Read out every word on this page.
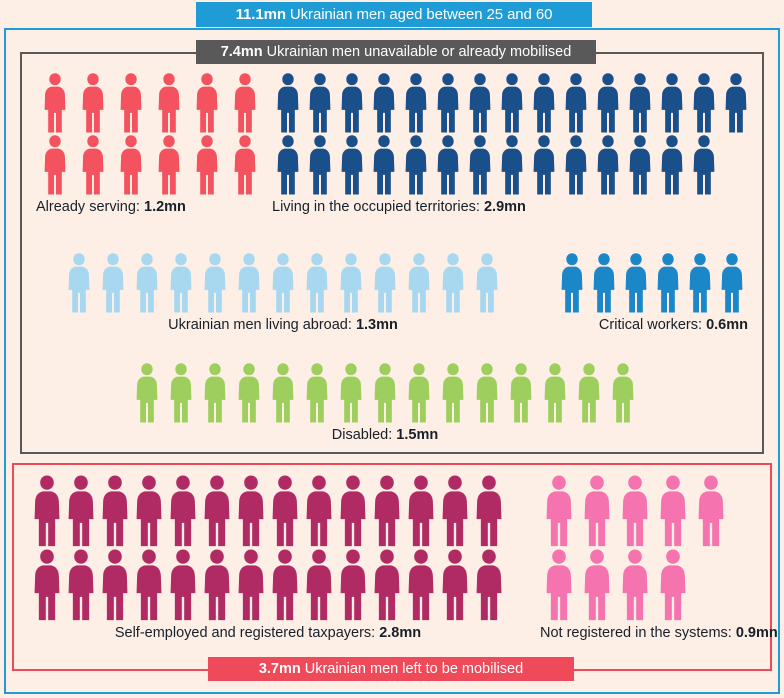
11.1mn Ukrainian men aged between 25 and 60
7.4mn Ukrainian men unavailable or already mobilised
3.7mn Ukrainian men left to be mobilised
Already serving: 1.2mn	Living in the occupied territories: 2.9mn
Ukrainian men living abroad: 1.3mn	Critical workers: 0.6mn
Disabled: 1.5mn
Self-employed and registered taxpayers: 2.8mn	Not registered in the systems: 0.9mn
